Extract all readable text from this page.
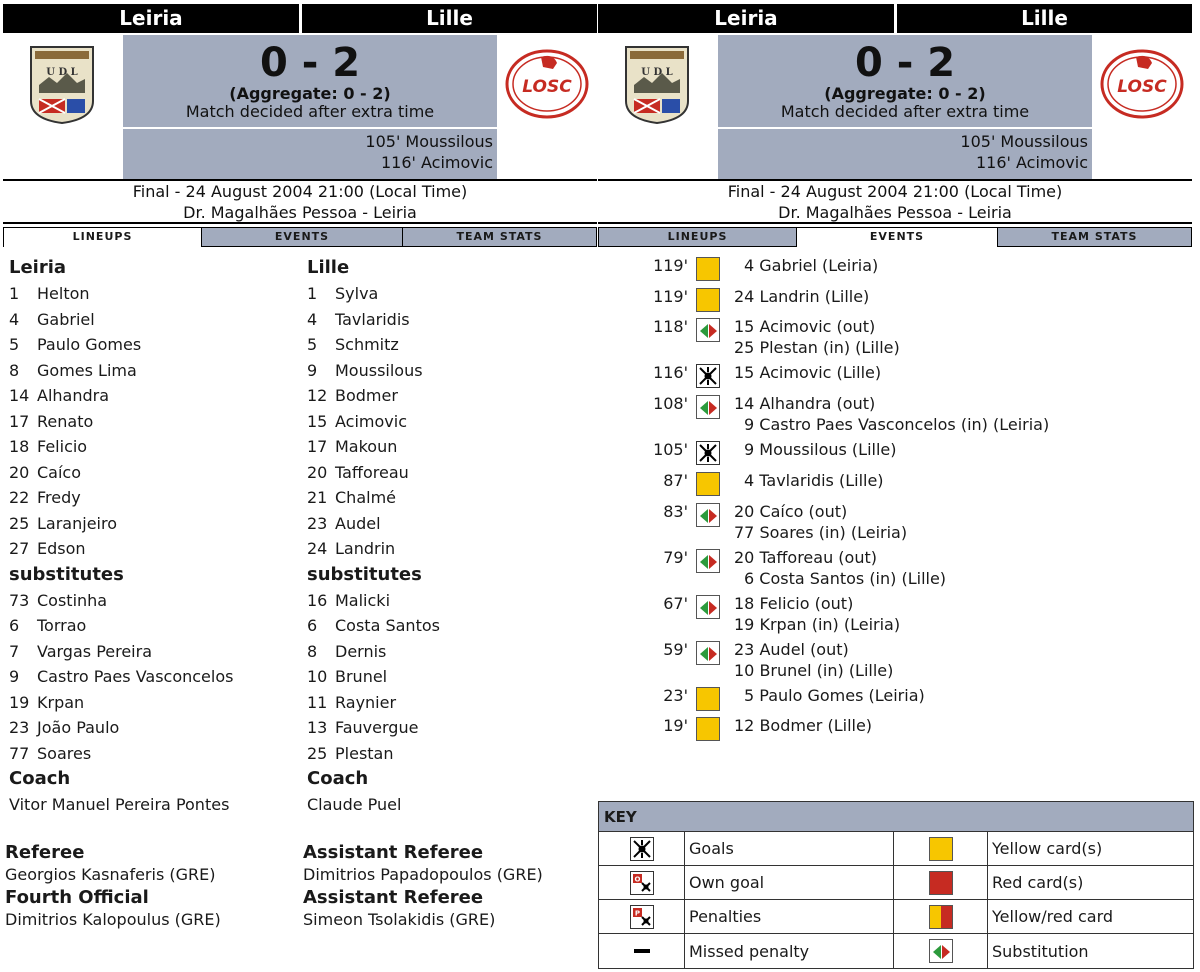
Leiria	Lille
U D L	0 - 2
(Aggregate: 0 - 2)
Match decided after extra time
LOSC
105' Moussilous
116' Acimovic
Final - 24 August 2004 21:00 (Local Time)
Dr. Magalhães Pessoa - Leiria
LINEUPS	EVENTS	TEAM STATS
Leiria
1 Helton
4 Gabriel
5 Paulo Gomes
8 Gomes Lima
14 Alhandra
17 Renato
18 Felicio
20 Caíco
22 Fredy
25 Laranjeiro
27 Edson
substitutes
73 Costinha
6 Torrao
7 Vargas Pereira
9 Castro Paes Vasconcelos
19 Krpan
23 João Paulo
77 Soares
Coach
Vitor Manuel Pereira Pontes
Lille
1 Sylva
4 Tavlaridis
5 Schmitz
9 Moussilous
12 Bodmer
15 Acimovic
17 Makoun
20 Tafforeau
21 Chalmé
23 Audel
24 Landrin
substitutes
16 Malicki
6 Costa Santos
8 Dernis
10 Brunel
11 Raynier
13 Fauvergue
25 Plestan
Coach
Claude Puel
Referee
Georgios Kasnaferis (GRE)
Fourth Official
Dimitrios Kalopoulus (GRE)
Assistant Referee
Dimitrios Papadopoulos (GRE)
Assistant Referee
Simeon Tsolakidis (GRE)
Leiria	Lille
U D L	0 - 2
(Aggregate: 0 - 2)
Match decided after extra time
LOSC
105' Moussilous
116' Acimovic
Final - 24 August 2004 21:00 (Local Time)
Dr. Magalhães Pessoa - Leiria
LINEUPS	EVENTS	TEAM STATS
119'	4 Gabriel (Leiria)
119'	24 Landrin (Lille)
118'	15 Acimovic (out)
25 Plestan (in) (Lille)
116'	15 Acimovic (Lille)
108'	14 Alhandra (out)
9 Castro Paes Vasconcelos (in) (Leiria)
105'	9 Moussilous (Lille)
87'	4 Tavlaridis (Lille)
83'	20 Caíco (out)
77 Soares (in) (Leiria)
79'	20 Tafforeau (out)
6 Costa Santos (in) (Lille)
67'	18 Felicio (out)
19 Krpan (in) (Leiria)
59'	23 Audel (out)
10 Brunel (in) (Lille)
23'	5 Paulo Gomes (Leiria)
19'	12 Bodmer (Lille)
KEY
Goals	Yellow card(s)
O	Own goal	Red card(s)
P	Penalties	Yellow/red card
Missed penalty	Substitution
